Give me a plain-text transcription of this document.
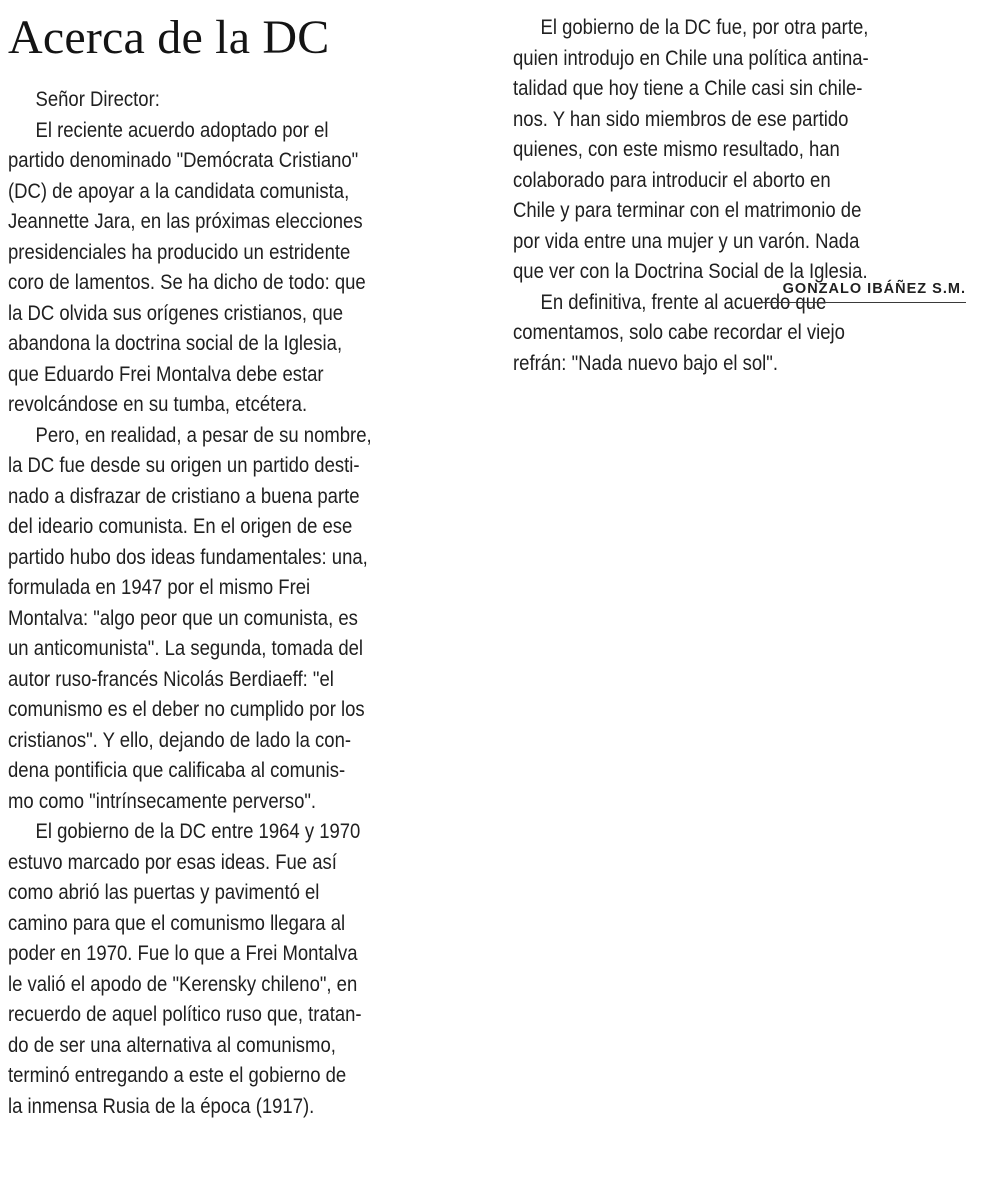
Acerca de la DC
Señor Director:
El reciente acuerdo adoptado por el
partido denominado "Demócrata Cristiano"
(DC) de apoyar a la candidata comunista,
Jeannette Jara, en las próximas elecciones
presidenciales ha producido un estridente
coro de lamentos. Se ha dicho de todo: que
la DC olvida sus orígenes cristianos, que
abandona la doctrina social de la Iglesia,
que Eduardo Frei Montalva debe estar
revolcándose en su tumba, etcétera.
Pero, en realidad, a pesar de su nombre,
la DC fue desde su origen un partido desti-
nado a disfrazar de cristiano a buena parte
del ideario comunista. En el origen de ese
partido hubo dos ideas fundamentales: una,
formulada en 1947 por el mismo Frei
Montalva: "algo peor que un comunista, es
un anticomunista". La segunda, tomada del
autor ruso-francés Nicolás Berdiaeff: "el
comunismo es el deber no cumplido por los
cristianos". Y ello, dejando de lado la con-
dena pontificia que calificaba al comunis-
mo como "intrínsecamente perverso".
El gobierno de la DC entre 1964 y 1970
estuvo marcado por esas ideas. Fue así
como abrió las puertas y pavimentó el
camino para que el comunismo llegara al
poder en 1970. Fue lo que a Frei Montalva
le valió el apodo de "Kerensky chileno", en
recuerdo de aquel político ruso que, tratan-
do de ser una alternativa al comunismo,
terminó entregando a este el gobierno de
la inmensa Rusia de la época (1917).
El gobierno de la DC fue, por otra parte,
quien introdujo en Chile una política antina-
talidad que hoy tiene a Chile casi sin chile-
nos. Y han sido miembros de ese partido
quienes, con este mismo resultado, han
colaborado para introducir el aborto en
Chile y para terminar con el matrimonio de
por vida entre una mujer y un varón. Nada
que ver con la Doctrina Social de la Iglesia.
En definitiva, frente al acuerdo que
comentamos, solo cabe recordar el viejo
refrán: "Nada nuevo bajo el sol".
GONZALO IBÁÑEZ S.M.
